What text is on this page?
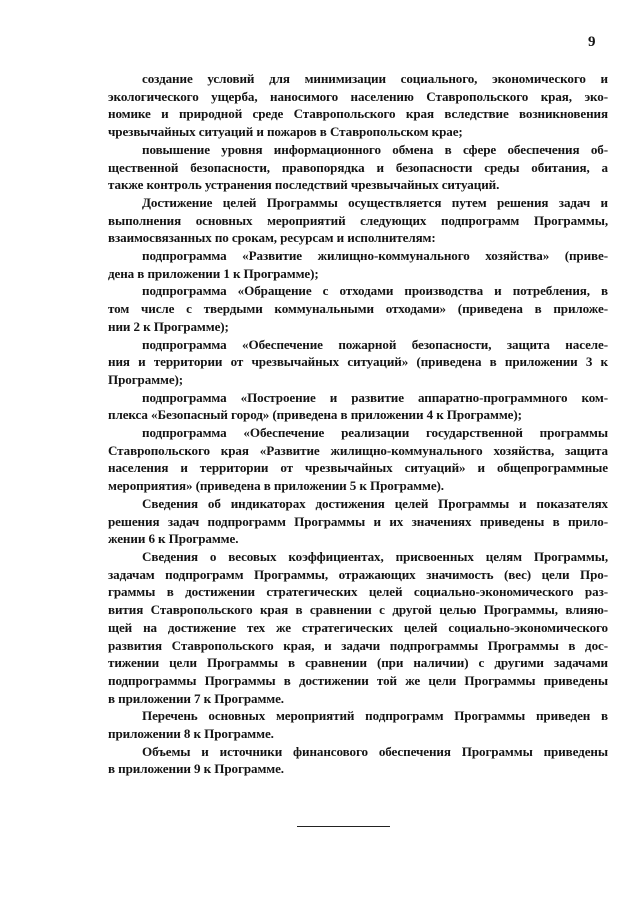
9
создание условий для минимизации социального, экономического и
экологического ущерба, наносимого населению Ставропольского края, эко-
номике и природной среде Ставропольского края вследствие возникновения
чрезвычайных ситуаций и пожаров в Ставропольском крае;
повышение уровня информационного обмена в сфере обеспечения об-
щественной безопасности, правопорядка и безопасности среды обитания, а
также контроль устранения последствий чрезвычайных ситуаций.
Достижение целей Программы осуществляется путем решения задач и
выполнения основных мероприятий следующих подпрограмм Программы,
взаимосвязанных по срокам, ресурсам и исполнителям:
подпрограмма «Развитие жилищно-коммунального хозяйства» (приве-
дена в приложении 1 к Программе);
подпрограмма «Обращение с отходами производства и потребления, в
том числе с твердыми коммунальными отходами» (приведена в приложе-
нии 2 к Программе);
подпрограмма «Обеспечение пожарной безопасности, защита населе-
ния и территории от чрезвычайных ситуаций» (приведена в приложении 3 к
Программе);
подпрограмма «Построение и развитие аппаратно-программного ком-
плекса «Безопасный город» (приведена в приложении 4 к Программе);
подпрограмма «Обеспечение реализации государственной программы
Ставропольского края «Развитие жилищно-коммунального хозяйства, защита
населения и территории от чрезвычайных ситуаций» и общепрограммные
мероприятия» (приведена в приложении 5 к Программе).
Сведения об индикаторах достижения целей Программы и показателях
решения задач подпрограмм Программы и их значениях приведены в прило-
жении 6 к Программе.
Сведения о весовых коэффициентах, присвоенных целям Программы,
задачам подпрограмм Программы, отражающих значимость (вес) цели Про-
граммы в достижении стратегических целей социально-экономического раз-
вития Ставропольского края в сравнении с другой целью Программы, влияю-
щей на достижение тех же стратегических целей социально-экономического
развития Ставропольского края, и задачи подпрограммы Программы в дос-
тижении цели Программы в сравнении (при наличии) с другими задачами
подпрограммы Программы в достижении той же цели Программы приведены
в приложении 7 к Программе.
Перечень основных мероприятий подпрограмм Программы приведен в
приложении 8 к Программе.
Объемы и источники финансового обеспечения Программы приведены
в приложении 9 к Программе.
